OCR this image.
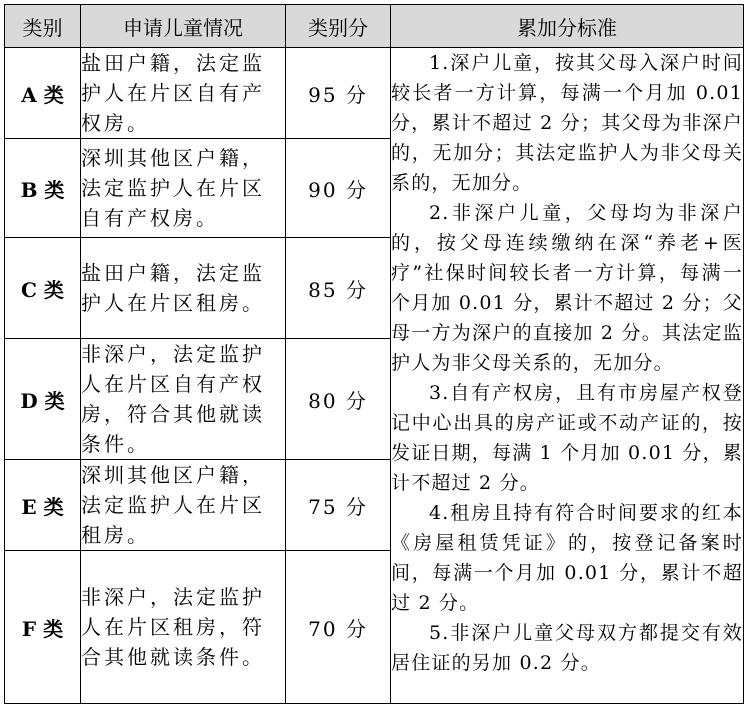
类别	申请儿童情况	类别分	累加分标准
A 类	盐田户籍，法定监护人在片区自有产权房。	95 分	1.深户儿童，按其父母入深户时间较长者一方计算，每满一个月加 0.01 分，累计不超过 2 分；其父母为非深户的，无加分；其法定监护人为非父母关系的，无加分。

2.非深户儿童，父母均为非深户的，按父母连续缴纳在深“养老+医疗”社保时间较长者一方计算，每满一个月加 0.01 分，累计不超过 2 分；父母一方为深户的直接加 2 分。其法定监护人为非父母关系的，无加分。

3.自有产权房，且有市房屋产权登记中心出具的房产证或不动产证的，按发证日期，每满 1 个月加 0.01 分，累计不超过 2 分。

4.租房且持有符合时间要求的红本《房屋租赁凭证》的，按登记备案时间，每满一个月加 0.01 分，累计不超过 2 分。

5.非深户儿童父母双方都提交有效居住证的另加 0.2 分。

B 类	深圳其他区户籍，法定监护人在片区自有产权房。	90 分	
C 类	盐田户籍，法定监护人在片区租房。	85 分	
D 类	非深户，法定监护人在片区自有产权房，符合其他就读条件。	80 分	
E 类	深圳其他区户籍，法定监护人在片区租房。	75 分	
F 类	非深户，法定监护人在片区租房，符合其他就读条件。	70 分	
